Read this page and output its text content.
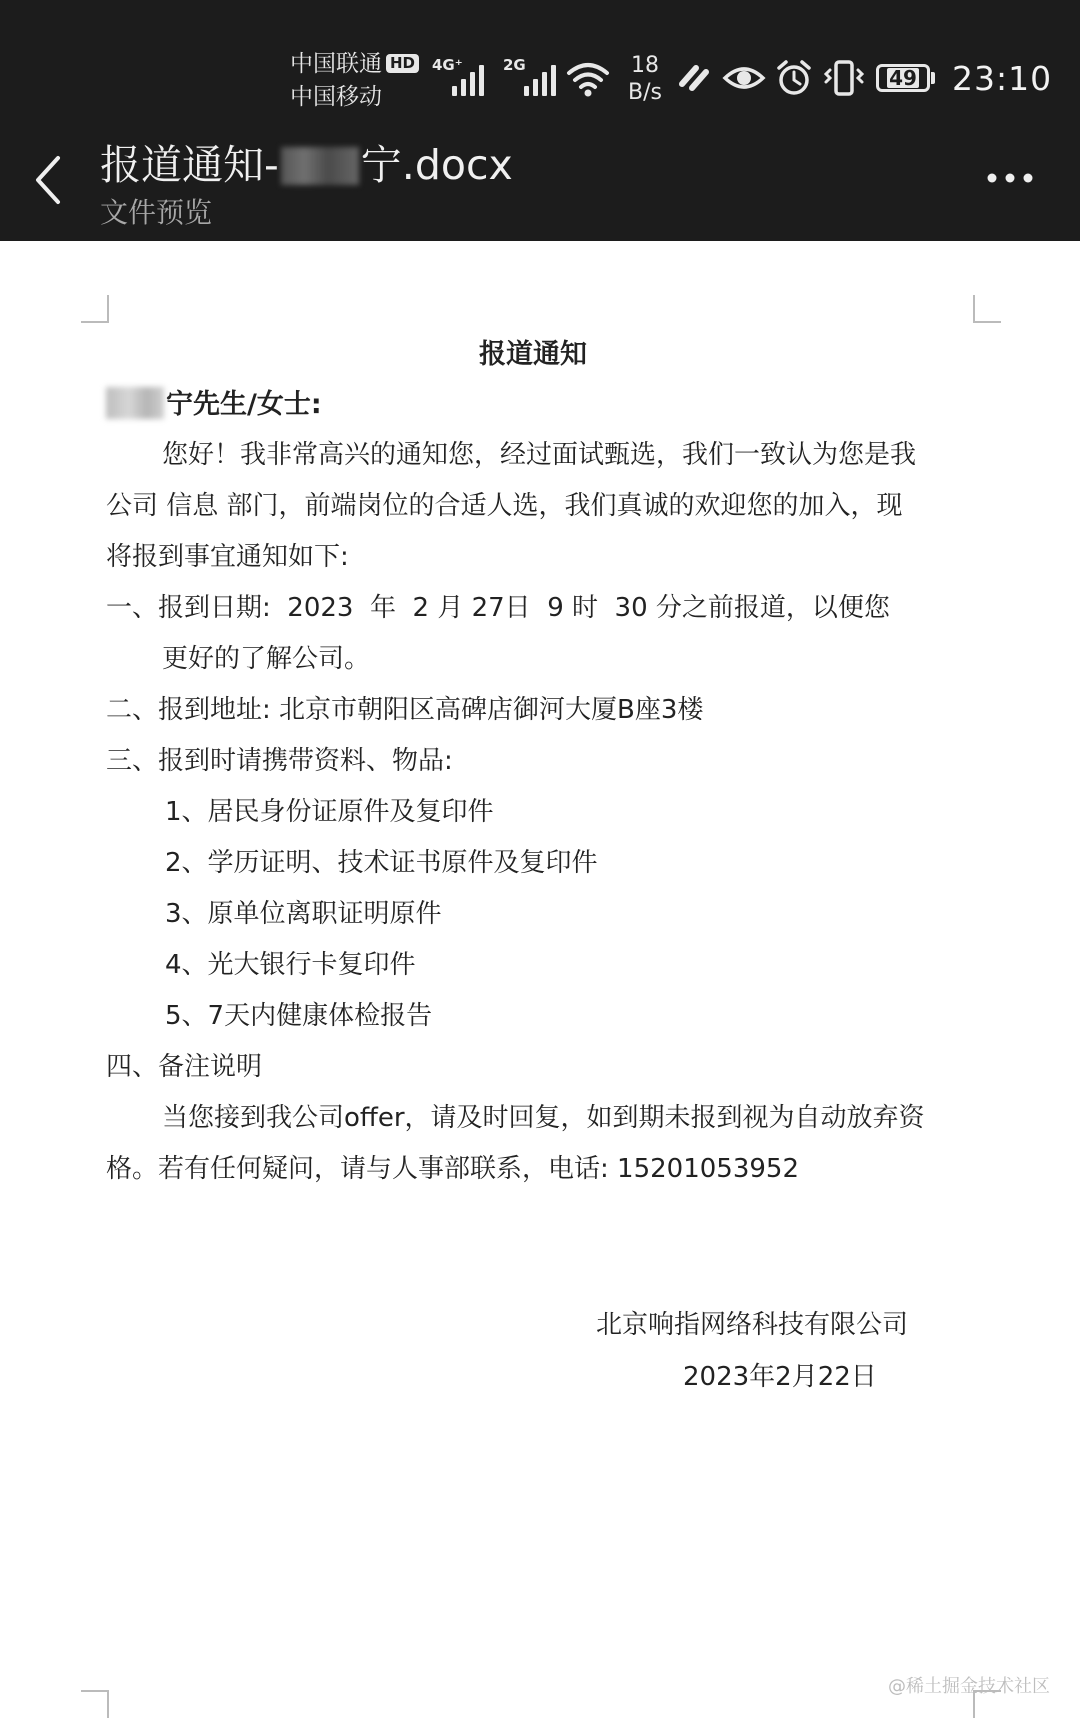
中国联通 HD
中国移动
4G⁺	2G	18
B/s
49 23:10
报道通知- 宁.docx
文件预览
报道通知
宁先生/女士:
您好！我非常高兴的通知您，经过面试甄选，我们一致认为您是我
公司 信息 部门，前端岗位的合适人选，我们真诚的欢迎您的加入，现
将报到事宜通知如下:
一、报到日期:  2023  年  2 月 27日  9 时  30 分之前报道，以便您
更好的了解公司。
二、报到地址: 北京市朝阳区高碑店御河大厦B座3楼
三、报到时请携带资料、物品:
1、居民身份证原件及复印件
2、学历证明、技术证书原件及复印件
3、原单位离职证明原件
4、光大银行卡复印件
5、7天内健康体检报告
四、备注说明
当您接到我公司offer，请及时回复，如到期未报到视为自动放弃资
格。若有任何疑问，请与人事部联系，电话: 15201053952
北京响指网络科技有限公司
2023年2月22日
@稀土掘金技术社区
